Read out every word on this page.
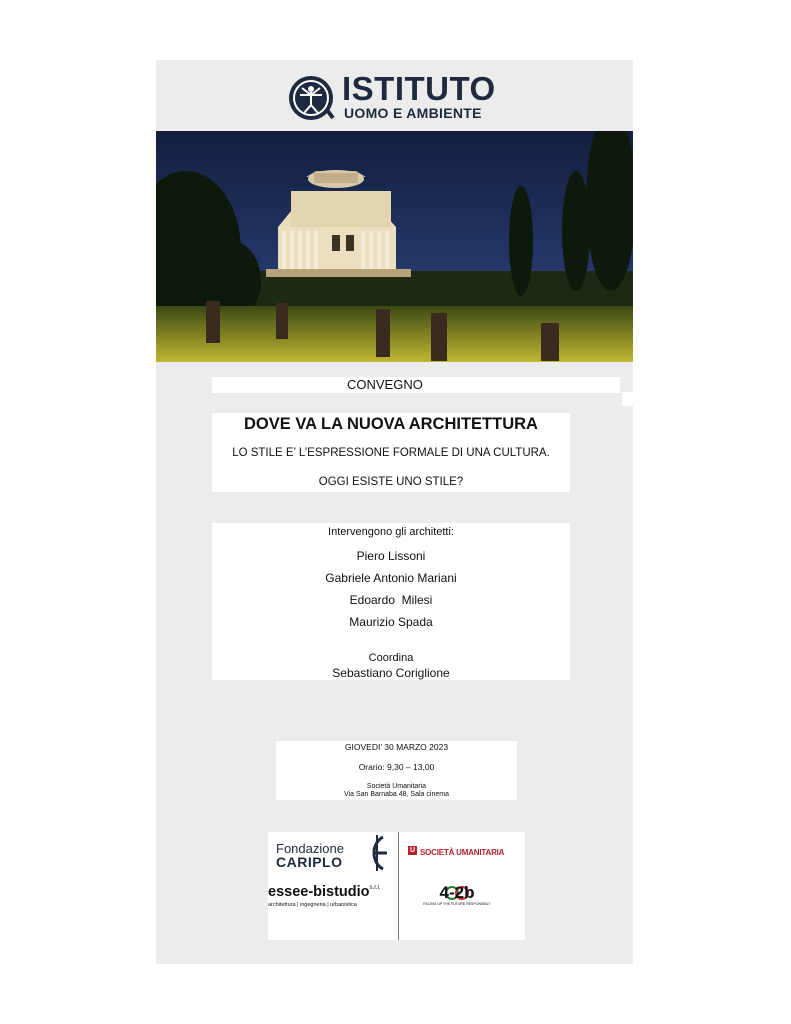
ISTITUTO
UOMO E AMBIENTE
CONVEGNO
DOVE VA LA NUOVA ARCHITETTURA
LO STILE E’ L’ESPRESSIONE FORMALE DI UNA CULTURA.
OGGI ESISTE UNO STILE?
Intervengono gli architetti:
Piero Lissoni
Gabriele Antonio Mariani
Edoardo  Milesi
Maurizio Spada
Coordina
Sebastiano Coriglione
GIOVEDI’ 30 MARZO 2023
Orario: 9,30 – 13,00
Società Umanitaria
Via San Barnaba 48, Sala cinema
Fondazione
CARIPLO
U SOCIETÀ UMANITARIA
essee-bistudio$^{s.r.l.}$
architettura | ingegneria | urbanistica
4-2b
FACING UP THE FUTURE RESPONSIBLY
